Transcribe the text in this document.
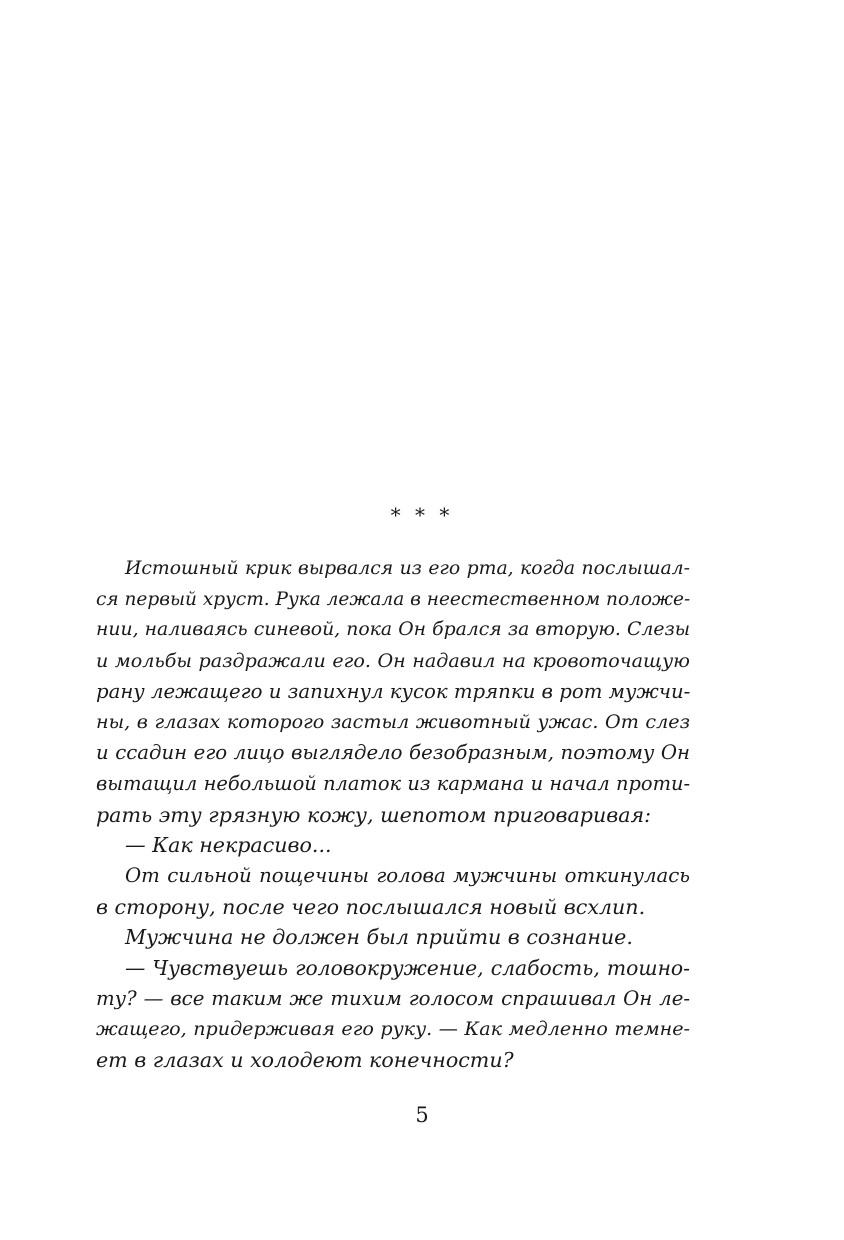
* * *
Истошный крик вырвался из его рта, когда послышал-
ся первый хруст. Рука лежала в неестественном положе-
нии, наливаясь синевой, пока Он брался за вторую. Слезы
и мольбы раздражали его. Он надавил на кровоточащую
рану лежащего и запихнул кусок тряпки в рот мужчи-
ны, в глазах которого застыл животный ужас. От слез
и ссадин его лицо выглядело безобразным, поэтому Он
вытащил небольшой платок из кармана и начал проти-
рать эту грязную кожу, шепотом приговаривая:
— Как некрасиво...
От сильной пощечины голова мужчины откинулась
в сторону, после чего послышался новый всхлип.
Мужчина не должен был прийти в сознание.
— Чувствуешь головокружение, слабость, тошно-
ту? — все таким же тихим голосом спрашивал Он ле-
жащего, придерживая его руку. — Как медленно темне-
ет в глазах и холодеют конечности?
5
